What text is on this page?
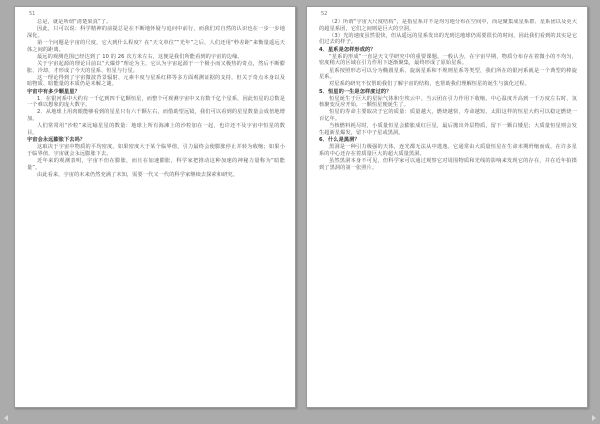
51

总是，就是所谓“清楚果真”了。

因此，只可以说：科学精神的前提总是在不断地怀疑与追问中前行，而我们对自然的认识也在一步一步地深化。

第一个问题是宇宙的尺度，它大到什么程度？在“天文单位”“光年”之后，人们还用“秒差距”来衡量遥远天体之间的距离。

最远的观测范围已经达到了 10 的 26 次方米左右，这便是我们所能看到的宇宙的边缘。

关于宇宙起源的理论目前以“大爆炸”理论为主，它认为宇宙起源于一个极小而又极热的奇点，然后不断膨胀、冷却，才形成了今天的星系、恒星与行星。

这一理论得到了宇宙微波背景辐射、元素丰度与星系红移等多方面观测证据的支持，但关于奇点本身以及暗物质、暗能量的本质仍是未解之谜。

宇宙中有多少颗星星？

1．在银河系中大约有一千亿到四千亿颗恒星，而整个可观测宇宙中又有数千亿个星系，因此恒星的总数是一个难以想象的庞大数字。

2．从地球上用肉眼能够看到的星星只有六千颗左右，而借助望远镜，我们可以看到的星星数量会成倍地增加。

人们常常用“沙粒”来比喻星星的数量：地球上所有海滩上的沙粒加在一起，也许还不及宇宙中恒星的数目。

宇宙会永远膨胀下去吗？

这取决于宇宙中物质的平均密度。如果密度大于某个临界值，引力最终会使膨胀停止并转为收缩；如果小于临界值，宇宙就会永远膨胀下去。

近年来的观测表明，宇宙不但在膨胀，而且在加速膨胀，科学家把推动这种加速的神秘力量称为“暗能量”。

由此看来，宇宙的未来仍然充满了未知，需要一代又一代的科学家继续去探索和研究。

52

（2）所谓“宇宙大尺度结构”，是指星系并不是均匀地分布在空间中，而是聚集成星系群、星系团以及更大的超星系团，它们之间则是巨大的空洞。

（3）光的速度虽然很快，但从遥远的星系发出的光到达地球仍需要很长的时间，因此我们看到的其实是它们过去的样子。

4．星系是怎样形成的？

“星系的形成”一直是天文学研究中的重要课题。一般认为，在宇宙早期，物质分布存在着微小的不均匀，密度稍大的区域在引力作用下逐渐聚集，最终形成了原始星系。

星系按照形态可以分为椭圆星系、旋涡星系和不规则星系等类型，我们所在的银河系就是一个典型的棒旋星系。

对星系的研究不仅帮助我们了解宇宙的结构，也帮助我们理解恒星的诞生与演化过程。

5．恒星的一生是怎样度过的？

恒星诞生于巨大的星际气体和尘埃云中。当云团在引力作用下收缩，中心温度升高到一千万度左右时，氢核聚变反应开始，一颗恒星便诞生了。

恒星的寿命主要取决于它的质量：质量越大，燃烧越快，寿命越短。太阳这样的恒星大约可以稳定燃烧一百亿年。

当核燃料耗尽时，小质量恒星会膨胀成红巨星，最后抛出外层物质，留下一颗白矮星；大质量恒星则会发生超新星爆发，留下中子星或黑洞。

6．什么是黑洞？

黑洞是一种引力极强的天体，连光都无法从中逃逸。它通常由大质量恒星在生命末期坍缩而成，在许多星系的中心还存在着质量巨大的超大质量黑洞。

虽然黑洞本身不可见，但科学家可以通过观察它对周围物质和光线的影响来发现它的存在，并在近年拍摄到了黑洞的第一张照片。
